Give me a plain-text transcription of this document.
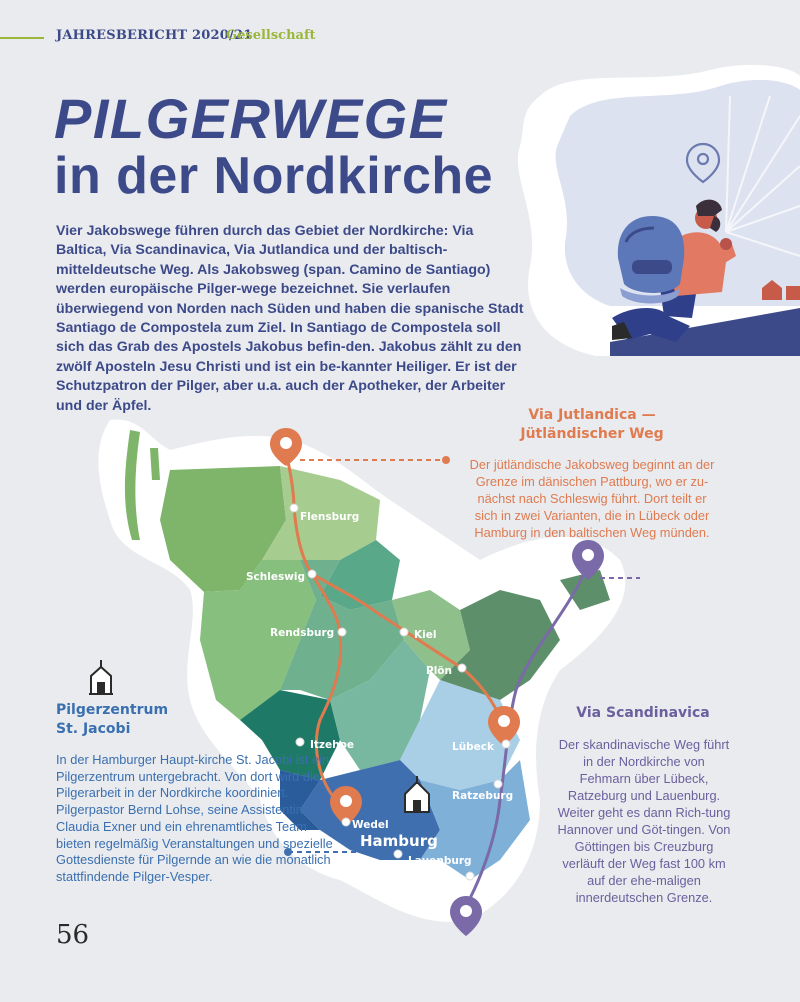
JAHRESBERICHT 2020/21
Gesellschaft
PILGERWEGE
in der Nordkirche
Vier Jakobswege führen durch das Gebiet der Nordkirche: Via Baltica, Via Scandinavica, Via Jutlandica und der baltisch-mitteldeutsche Weg. Als Jakobsweg (span. Camino de Santiago) werden europäische Pilger-wege bezeichnet. Sie verlaufen überwiegend von Norden nach Süden und haben die spanische Stadt Santiago de Compostela zum Ziel. In Santiago de Compostela soll sich das Grab des Apostels Jakobus befin-den. Jakobus zählt zu den zwölf Aposteln Jesu Christi und ist ein be-kannter Heiliger. Er ist der Schutzpatron der Pilger, aber u.a. auch der Apotheker, der Arbeiter und der Äpfel.
Flensburg
Schleswig
Rendsburg	Kiel
Plön
Itzehoe	Lübeck
Ratzeburg
Wedel
Hamburg
Lauenburg
Via Jutlandica —
Jütländischer Weg
Der jütländische Jakobsweg beginnt an der Grenze im dänischen Pattburg, wo er zu-nächst nach Schleswig führt. Dort teilt er sich in zwei Varianten, die in Lübeck oder Hamburg in den baltischen Weg münden.
Via Scandinavica
Der skandinavische Weg führt in der Nordkirche von Fehmarn über Lübeck, Ratzeburg und Lauenburg. Weiter geht es dann Rich-tung Hannover und Göt-tingen. Von Göttingen bis Creuzburg verläuft der Weg fast 100 km auf der ehe-maligen innerdeutschen Grenze.
Pilgerzentrum
St. Jacobi
In der Hamburger Haupt-kirche St. Jacobi ist ein Pilgerzentrum untergebracht. Von dort wird die Pilgerarbeit in der Nordkirche koordiniert. Pilgerpastor Bernd Lohse, seine Assistentin Claudia Exner und ein ehrenamtliches Team bieten regelmäßig Veranstaltungen und spezielle Gottesdienste für Pilgernde an wie die monatlich stattfindende Pilger-Vesper.
56
